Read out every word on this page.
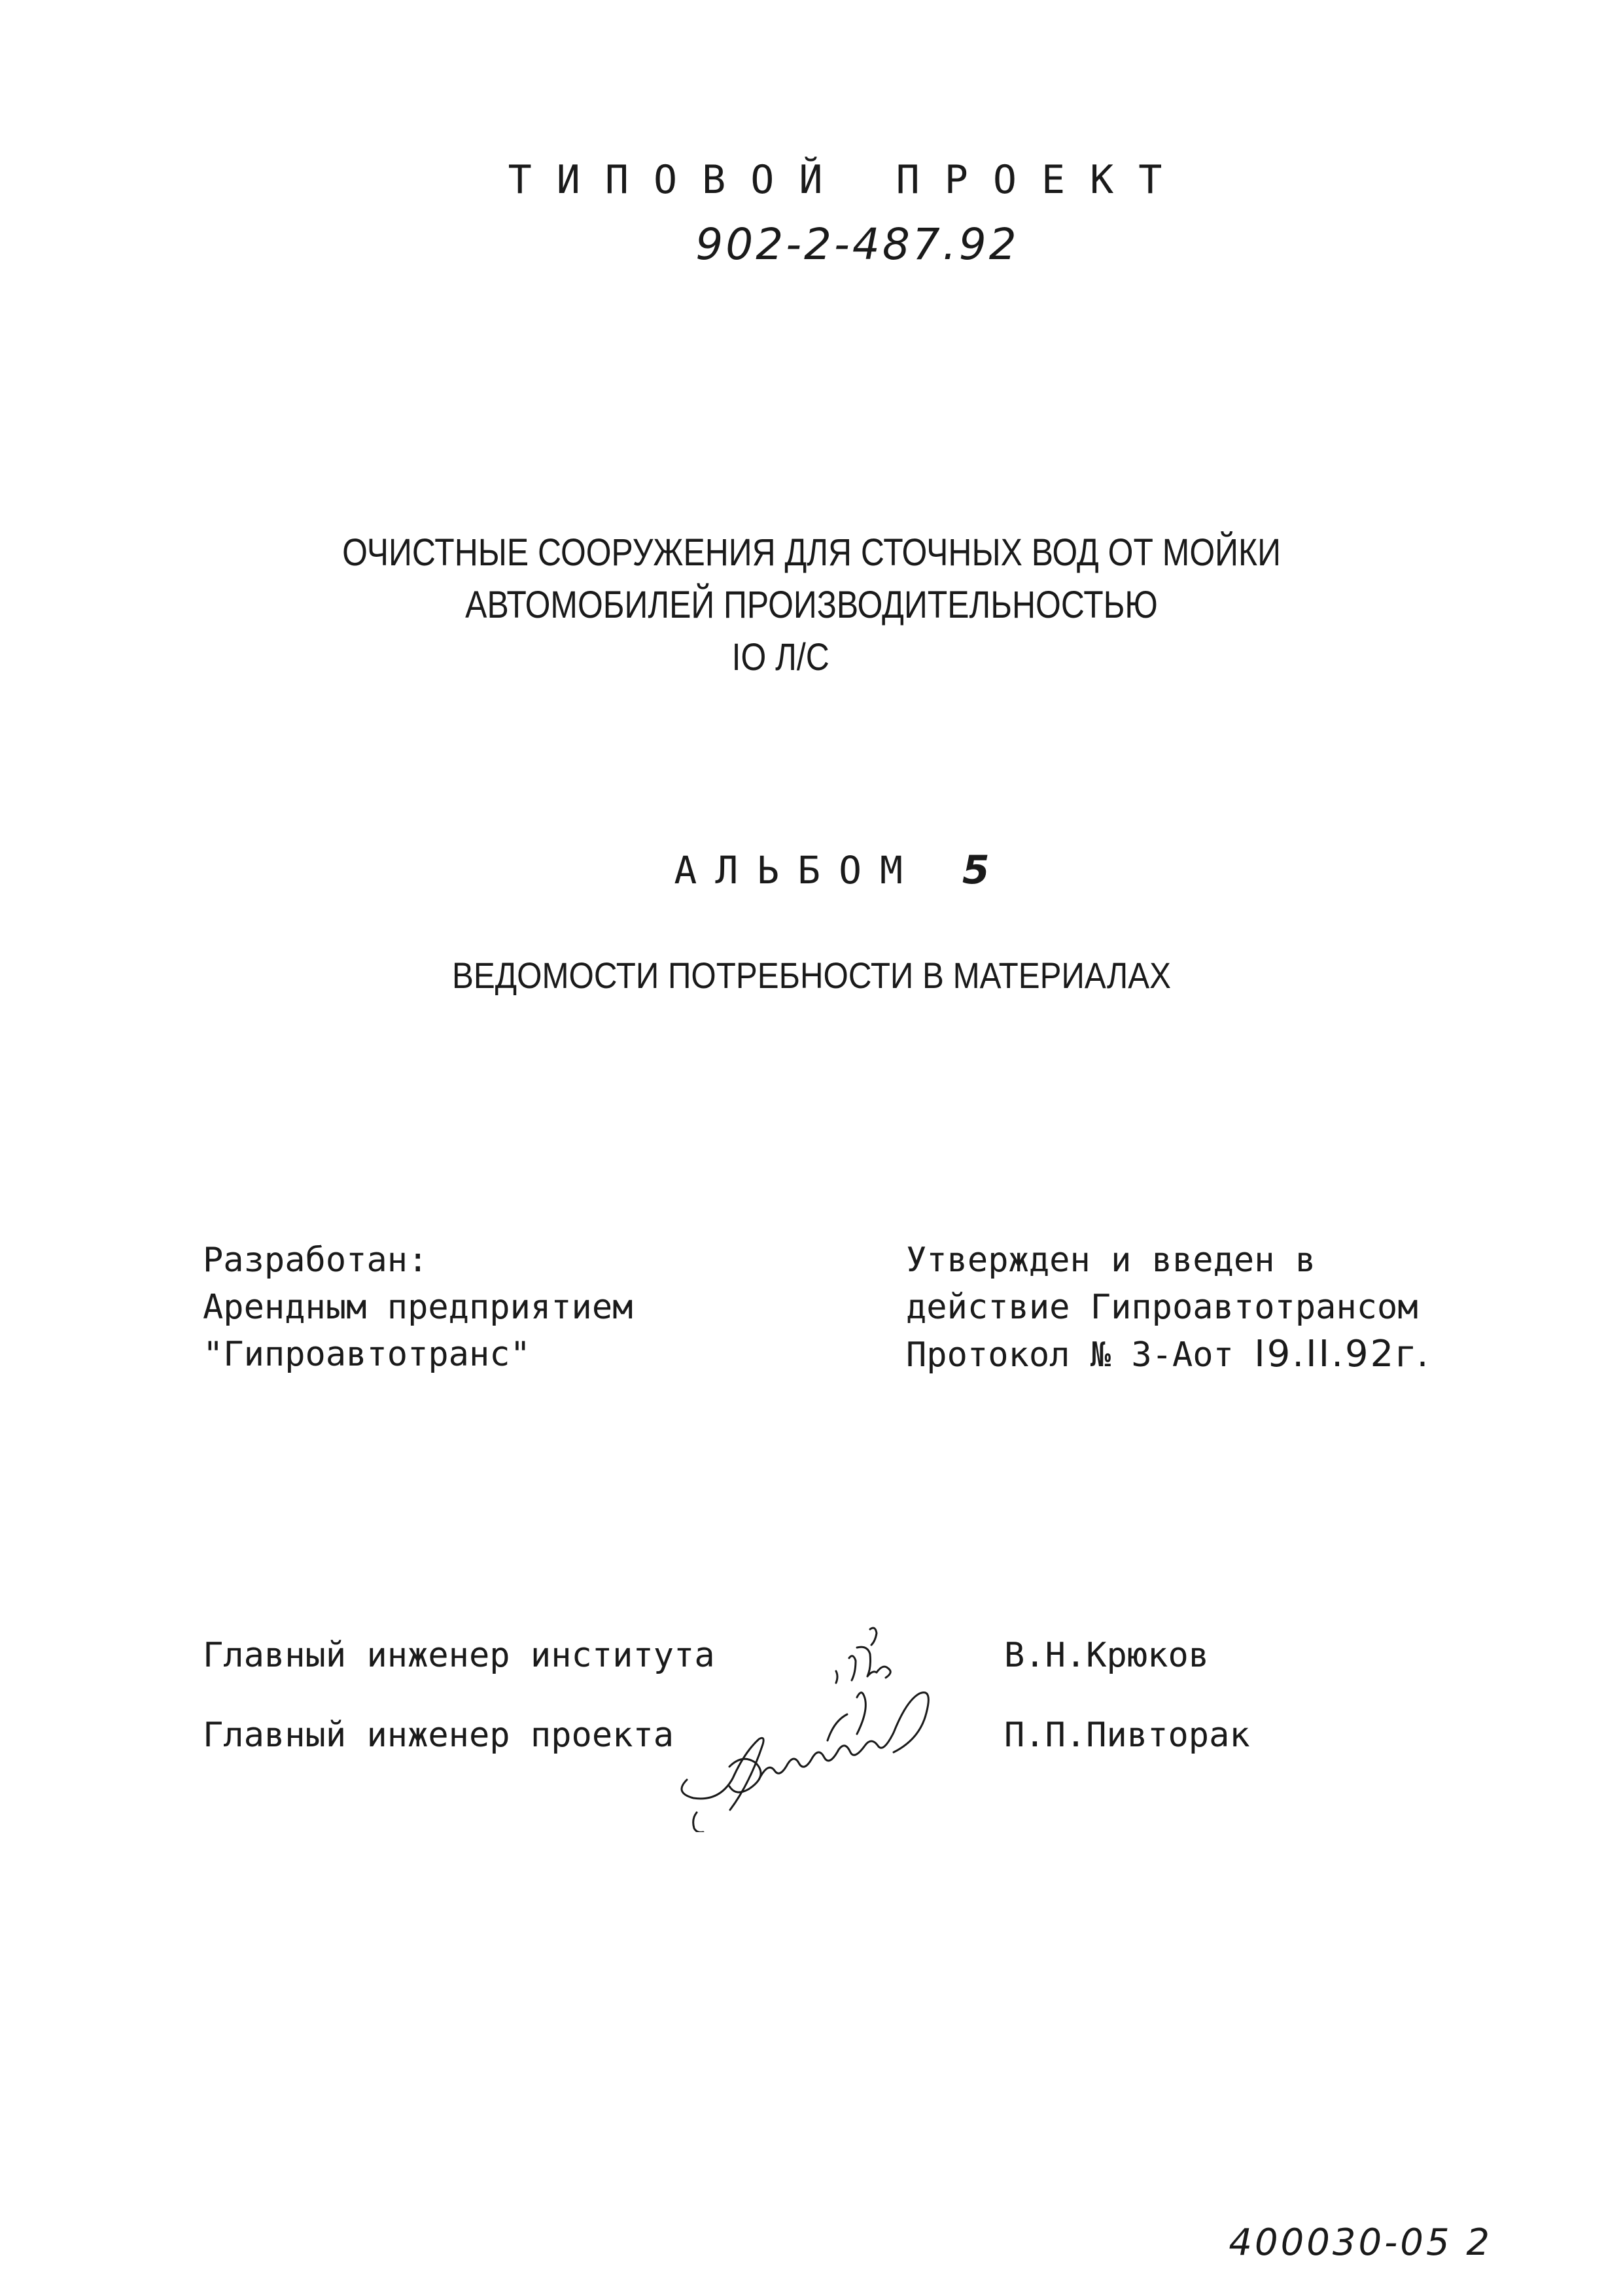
ТИПОВОЙ ПРОЕКТ
902-2-487.92
ОЧИСТНЫЕ СООРУЖЕНИЯ ДЛЯ СТОЧНЫХ ВОД ОТ МОЙКИ
АВТОМОБИЛЕЙ ПРОИЗВОДИТЕЛЬНОСТЬЮ
IO Л/С
АЛЬБОМ 5
ВЕДОМОСТИ ПОТРЕБНОСТИ В МАТЕРИАЛАХ
Разработан:
Арендным предприятием
"Гипроавтотранс"
Утвержден и введен в
действие Гипроавтотрансом
Протокол № 3-Аот I9.II.92г.
Главный инженер института	В.Н.Крюков
Главный инженер проекта	П.П.Пивторак
400030-05 2
